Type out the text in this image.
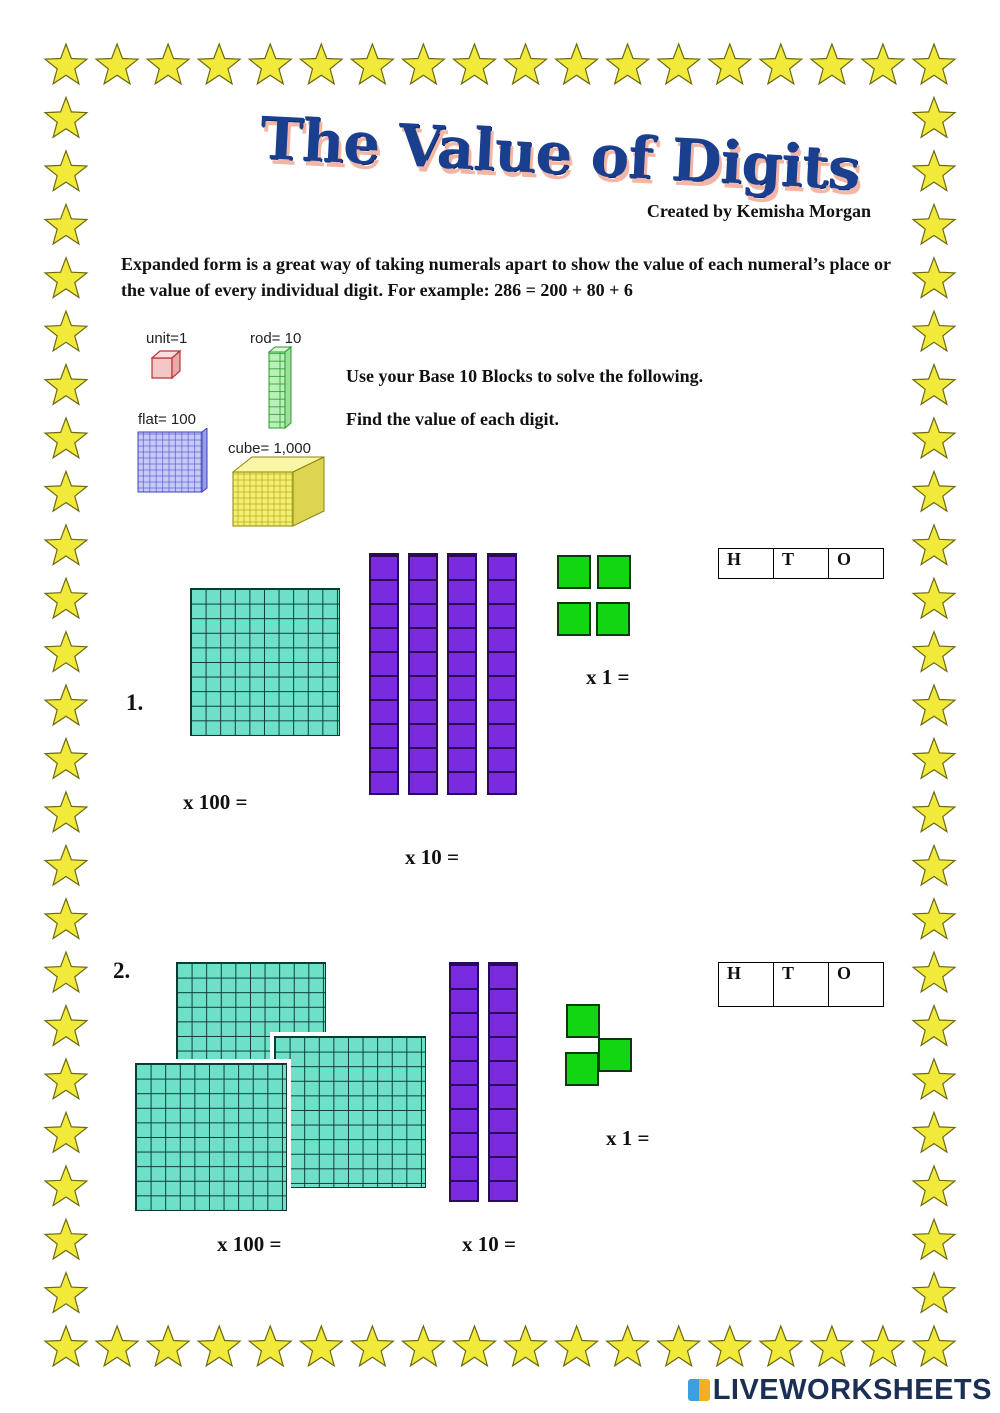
The Value of Digits
Created by Kemisha Morgan
Expanded form is a great way of taking numerals apart to show the value of each numeral’s place or the value of every individual digit. For example: 286 = 200 + 80 + 6
unit=1	rod= 10
flat= 100
cube= 1,000
Use your Base 10 Blocks to solve the following.
Find the value of each digit.
1.
x 1 =
x 100 =
x 10 =
H	T	O
2.
x 1 =
x 100 =	x 10 =
H	T	O
LIVEWORKSHEETS
